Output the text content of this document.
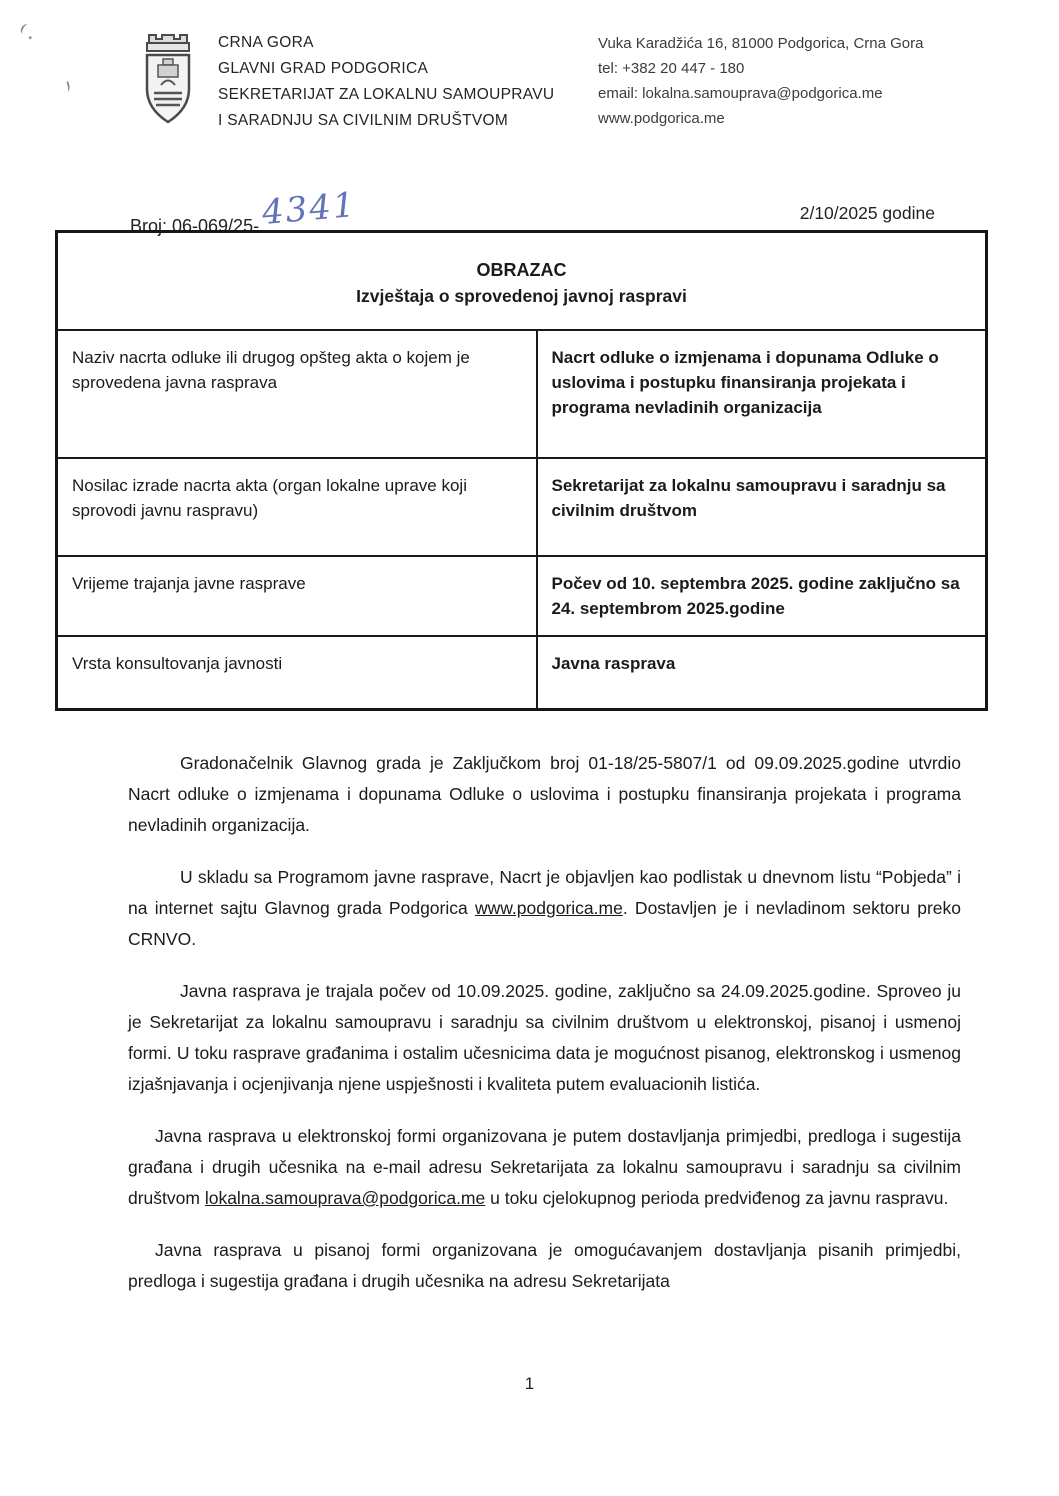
CRNA GORA
GLAVNI GRAD PODGORICA
SEKRETARIJAT ZA LOKALNU SAMOUPRAVU
I SARADNJU SA CIVILNIM DRUŠTVOM
Vuka Karadžića 16, 81000 Podgorica, Crna Gora
tel: +382 20 447 - 180
email: lokalna.samouprava@podgorica.me
www.podgorica.me
Broj: 06-069/25-4341	2/10/2025 godine
OBRAZAC
Izvještaja o sprovedenoj javnoj raspravi	

Naziv nacrta odluke ili drugog opšteg akta o kojem je sprovedena javna rasprava	Nacrt odluke o izmjenama i dopunama Odluke o uslovima i postupku finansiranja projekata i programa nevladinih organizacija
Nosilac izrade nacrta akta (organ lokalne uprave koji sprovodi javnu raspravu)	Sekretarijat za lokalnu samoupravu i saradnju sa civilnim društvom
Vrijeme trajanja javne rasprave	Počev od 10. septembra 2025. godine zaključno sa 24. septembrom 2025.godine
Vrsta konsultovanja javnosti	Javna rasprava

Gradonačelnik Glavnog grada je Zaključkom broj 01-18/25-5807/1 od 09.09.2025.godine utvrdio Nacrt odluke o izmjenama i dopunama Odluke o uslovima i postupku finansiranja projekata i programa nevladinih organizacija.

U skladu sa Programom javne rasprave, Nacrt je objavljen kao podlistak u dnevnom listu “Pobjeda” i na internet sajtu Glavnog grada Podgorica www.podgorica.me. Dostavljen je i nevladinom sektoru preko CRNVO.

Javna rasprava je trajala počev od 10.09.2025. godine, zaključno sa 24.09.2025.godine. Sproveo ju je Sekretarijat za lokalnu samoupravu i saradnju sa civilnim društvom u elektronskoj, pisanoj i usmenoj formi. U toku rasprave građanima i ostalim učesnicima data je mogućnost pisanog, elektronskog i usmenog izjašnjavanja i ocjenjivanja njene uspješnosti i kvaliteta putem evaluacionih listića.

Javna rasprava u elektronskoj formi organizovana je putem dostavljanja primjedbi, predloga i sugestija građana i drugih učesnika na e-mail adresu Sekretarijata za lokalnu samoupravu i saradnju sa civilnim društvom lokalna.samouprava@podgorica.me u toku cjelokupnog perioda predviđenog za javnu raspravu.

Javna rasprava u pisanoj formi organizovana je omogućavanjem dostavljanja pisanih primjedbi, predloga i sugestija građana i drugih učesnika na adresu Sekretarijata

1
